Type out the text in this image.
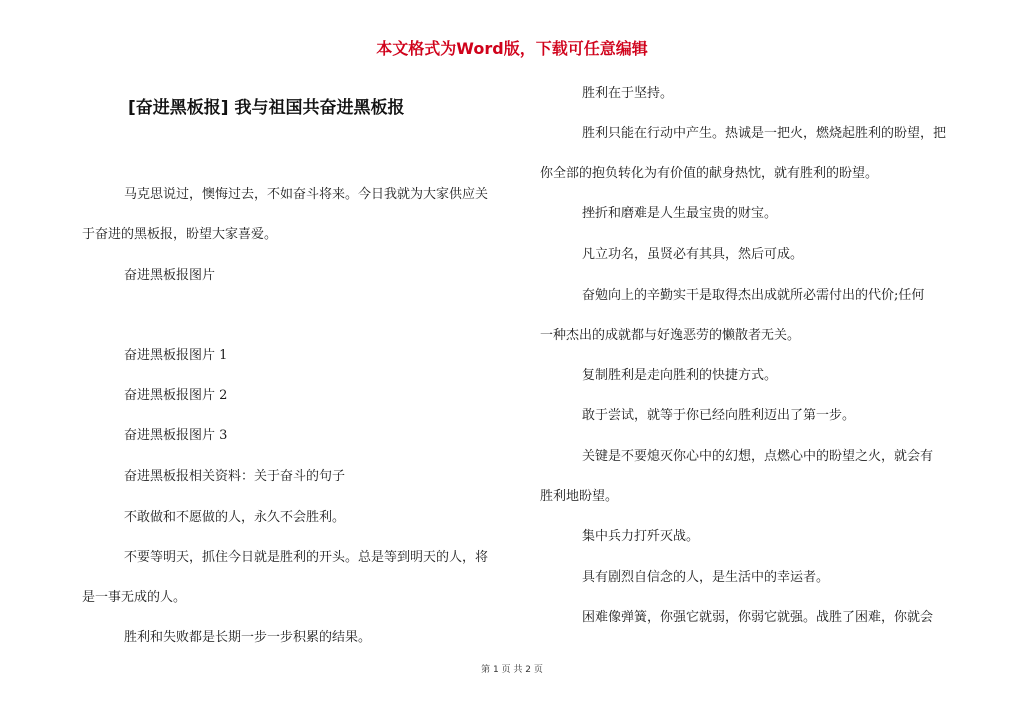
本文格式为Word版，下载可任意编辑
[奋进黑板报] 我与祖国共奋进黑板报
马克思说过，懊悔过去，不如奋斗将来。今日我就为大家供应关
于奋进的黑板报，盼望大家喜爱。
奋进黑板报图片
奋进黑板报图片 1
奋进黑板报图片 2
奋进黑板报图片 3
奋进黑板报相关资料：关于奋斗的句子
不敢做和不愿做的人，永久不会胜利。
不要等明天，抓住今日就是胜利的开头。总是等到明天的人，将
是一事无成的人。
胜利和失败都是长期一步一步积累的结果。
胜利在于坚持。
胜利只能在行动中产生。热诚是一把火，燃烧起胜利的盼望，把
你全部的抱负转化为有价值的献身热忱，就有胜利的盼望。
挫折和磨难是人生最宝贵的财宝。
凡立功名，虽贤必有其具，然后可成。
奋勉向上的辛勤实干是取得杰出成就所必需付出的代价;任何
一种杰出的成就都与好逸恶劳的懒散者无关。
复制胜利是走向胜利的快捷方式。
敢于尝试，就等于你已经向胜利迈出了第一步。
关键是不要熄灭你心中的幻想，点燃心中的盼望之火，就会有
胜利地盼望。
集中兵力打歼灭战。
具有剧烈自信念的人，是生活中的幸运者。
困难像弹簧，你强它就弱，你弱它就强。战胜了困难，你就会
第 1 页 共 2 页
